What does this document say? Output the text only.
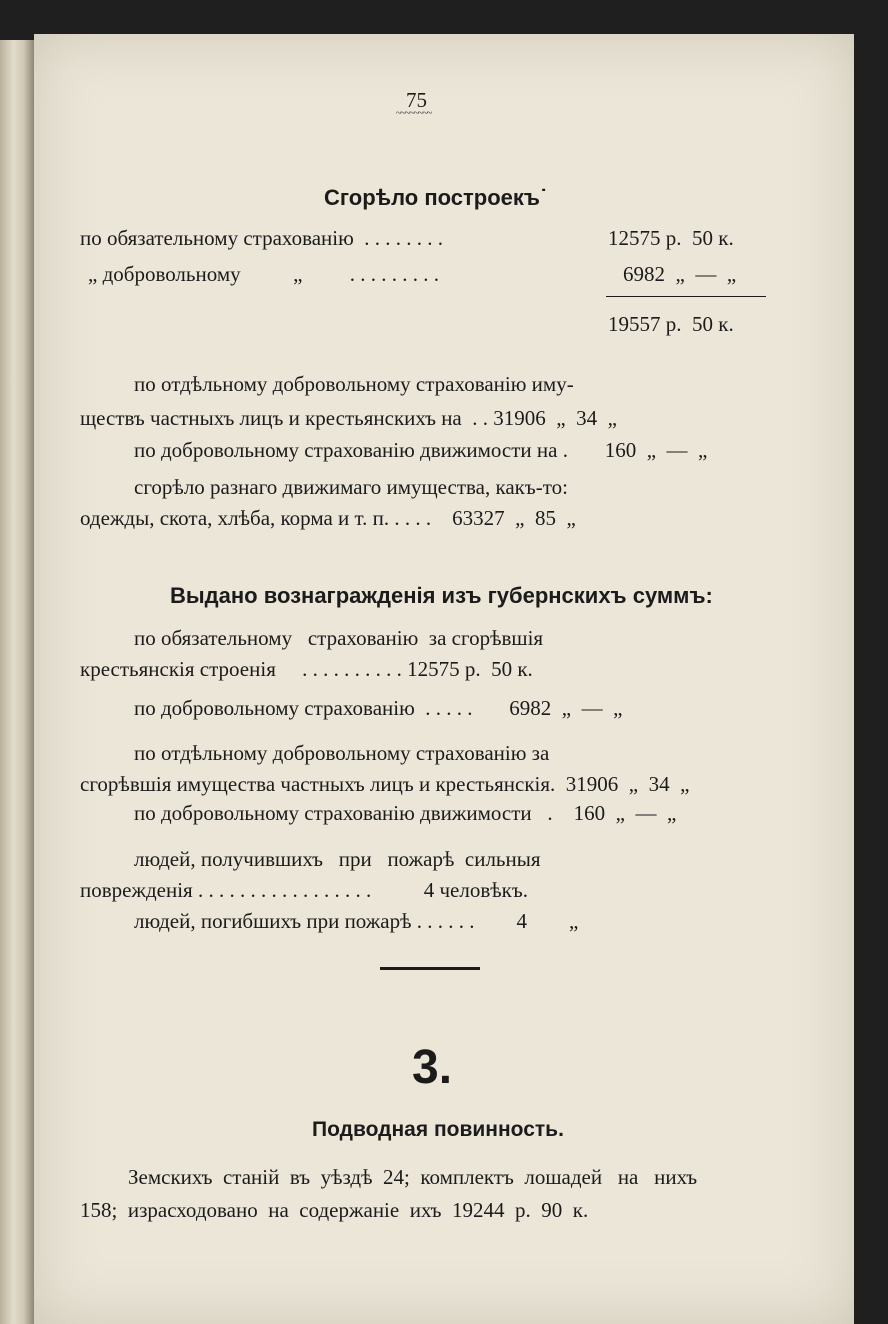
75
~~~~~~~~
Сгорѣло построекъ˙
по обязательному страхованію  . . . . . . . .	12575 р.  50 к.
„ добровольному          „         . . . . . . . . .	6982  „  —  „
19557 р.  50 к.
по отдѣльному добровольному страхованію иму-
ществъ частныхъ лицъ и крестьянскихъ на  . . 31906  „  34  „
по добровольному страхованію движимости на .       160  „  —  „
сгорѣло разнаго движимаго имущества, какъ-то:
одежды, скота, хлѣба, корма и т. п. . . . .    63327  „  85  „
Выдано вознагражденія изъ губернскихъ суммъ:
по обязательному   страхованію  за сгорѣвшія
крестьянскія строенія     . . . . . . . . . . 12575 р.  50 к.
по добровольному страхованію  . . . . .       6982  „  —  „
по отдѣльному добровольному страхованію за
сгорѣвшія имущества частныхъ лицъ и крестьянскія.  31906  „  34  „
по добровольному страхованію движимости   .    160  „  —  „
людей, получившихъ   при   пожарѣ  сильныя
поврежденія . . . . . . . . . . . . . . . . .          4 человѣкъ.
людей, погибшихъ при пожарѣ . . . . . .        4        „
3.
Подводная повинность.
Земскихъ  станій  въ  уѣздѣ  24;  комплектъ  лошадей   на   нихъ
158;  израсходовано  на  содержаніе  ихъ  19244  р.  90  к.
